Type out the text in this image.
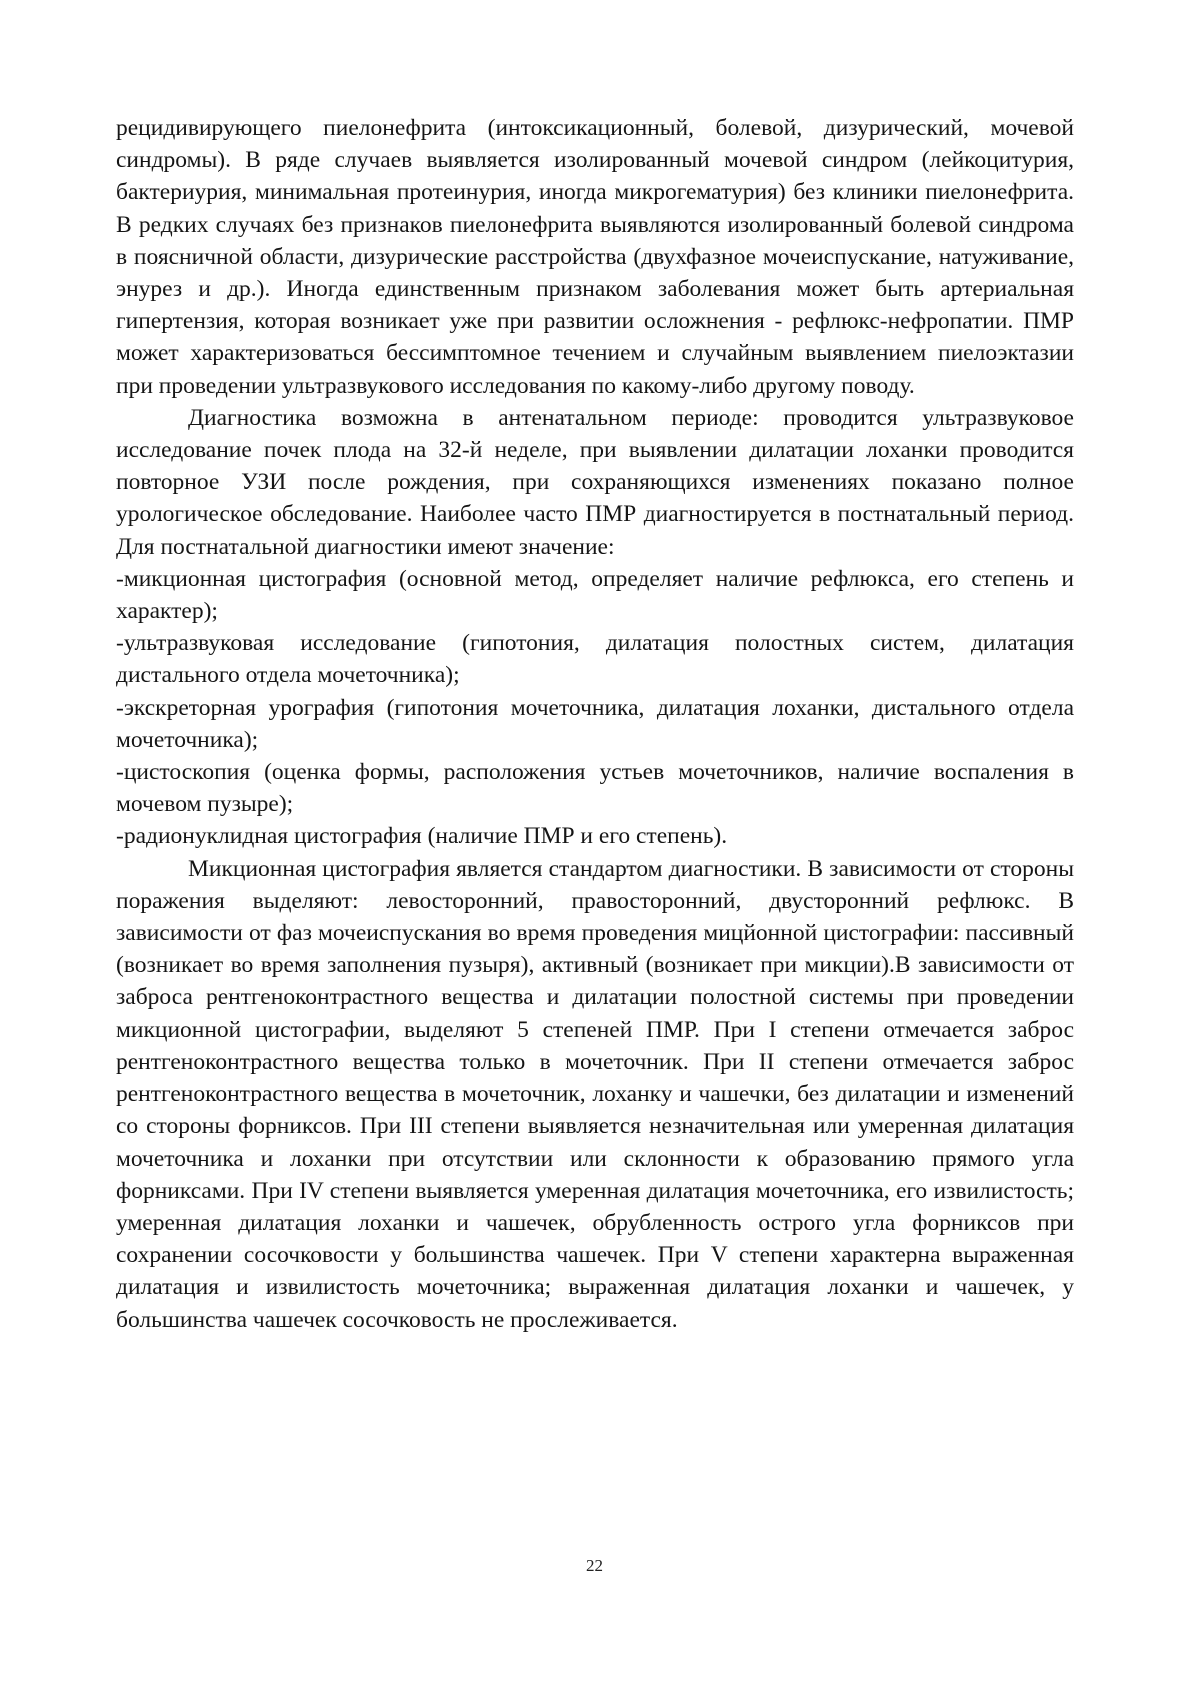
рецидивирующего пиелонефрита (интоксикационный, болевой, дизурический, мочевой синдромы). В ряде случаев выявляется изолированный мочевой синдром (лейкоцитурия, бактериурия, минимальная протеинурия, иногда микрогематурия) без клиники пиелонефрита. В редких случаях без признаков пиелонефрита выявляются изолированный болевой синдрома в поясничной области, дизурические расстройства (двухфазное мочеиспускание, натуживание, энурез и др.). Иногда единственным признаком заболевания может быть артериальная гипертензия, которая возникает уже при развитии осложнения - рефлюкс-нефропатии. ПМР может характеризоваться бессимптомное течением и случайным выявлением пиелоэктазии при проведении ультразвукового исследования по какому-либо другому поводу.

Диагностика возможна в антенатальном периоде: проводится ультразвуковое исследование почек плода на 32-й неделе, при выявлении дилатации лоханки проводится повторное УЗИ после рождения, при сохраняющихся изменениях показано полное урологическое обследование. Наиболее часто ПМР диагностируется в постнатальный период. Для постнатальной диагностики имеют значение:

-микционная цистография (основной метод, определяет наличие рефлюкса, его степень и характер);

-ультразвуковая исследование (гипотония, дилатация полостных систем, дилатация дистального отдела мочеточника);

-экскреторная урография (гипотония мочеточника, дилатация лоханки, дистального отдела мочеточника);

-цистоскопия (оценка формы, расположения устьев мочеточников, наличие воспаления в мочевом пузыре);

-радионуклидная цистография (наличие ПМР и его степень).

Микционная цистография является стандартом диагностики. В зависимости от стороны поражения выделяют: левосторонний, правосторонний, двусторонний рефлюкс. В зависимости от фаз мочеиспускания во время проведения мицйонной цистографии: пассивный (возникает во время заполнения пузыря), активный (возникает при микции).В зависимости от заброса рентгеноконтрастного вещества и дилатации полостной системы при проведении микционной цистографии, выделяют 5 степеней ПМР. При I степени отмечается заброс рентгеноконтрастного вещества только в мочеточник. При II степени отмечается заброс рентгеноконтрастного вещества в мочеточник, лоханку и чашечки, без дилатации и изменений со стороны форниксов. При III степени выявляется незначительная или умеренная дилатация мочеточника и лоханки при отсутствии или склонности к образованию прямого угла форниксами. При IV степени выявляется умеренная дилатация мочеточника, его извилистость; умеренная дилатация лоханки и чашечек, обрубленность острого угла форниксов при сохранении сосочковости у большинства чашечек. При V степени характерна выраженная дилатация и извилистость мочеточника; выраженная дилатация лоханки и чашечек, у большинства чашечек сосочковость не прослеживается.

22
